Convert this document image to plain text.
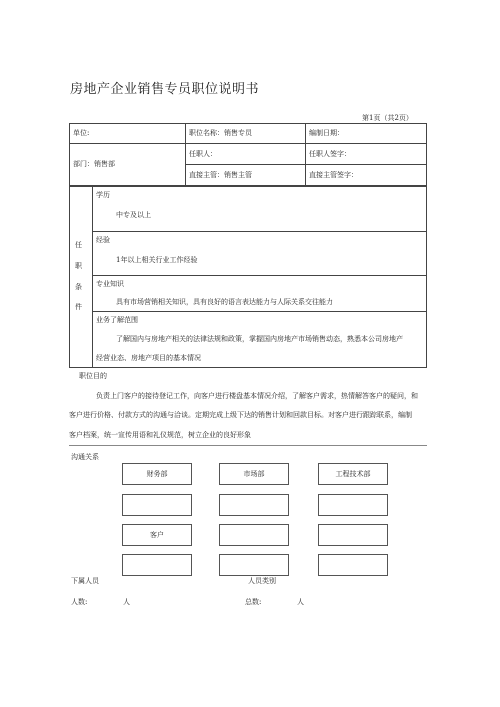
房地产企业销售专员职位说明书
第1页（共2页）
单位:	职位名称：销售专员	编制日期：
部门：销售部
任职人：	任职人签字：
直接主管：销售主管	直接主管签字：
任
职
条
件
学历
中专及以上
经验
1年以上相关行业工作经验
专业知识
具有市场营销相关知识，具有良好的语言表达能力与人际关系交往能力
业务了解范围
了解国内与房地产相关的法律法规和政策，掌握国内房地产市场销售动态，熟悉本公司房地产
经营业态、房地产项目的基本情况
职位目的
负责上门客户的接待登记工作，向客户进行楼盘基本情况介绍，了解客户需求，热情解答客户的疑问，和
客户进行价格、付款方式的沟通与洽谈。定期完成上级下达的销售计划和回款目标。对客户进行跟踪联系，编制
客户档案，统一宣传用语和礼仪规范，树立企业的良好形象
沟通关系
财务部	市场部	工程技术部
客户
下属人员	人员类别
人数:	人	总数:	人
